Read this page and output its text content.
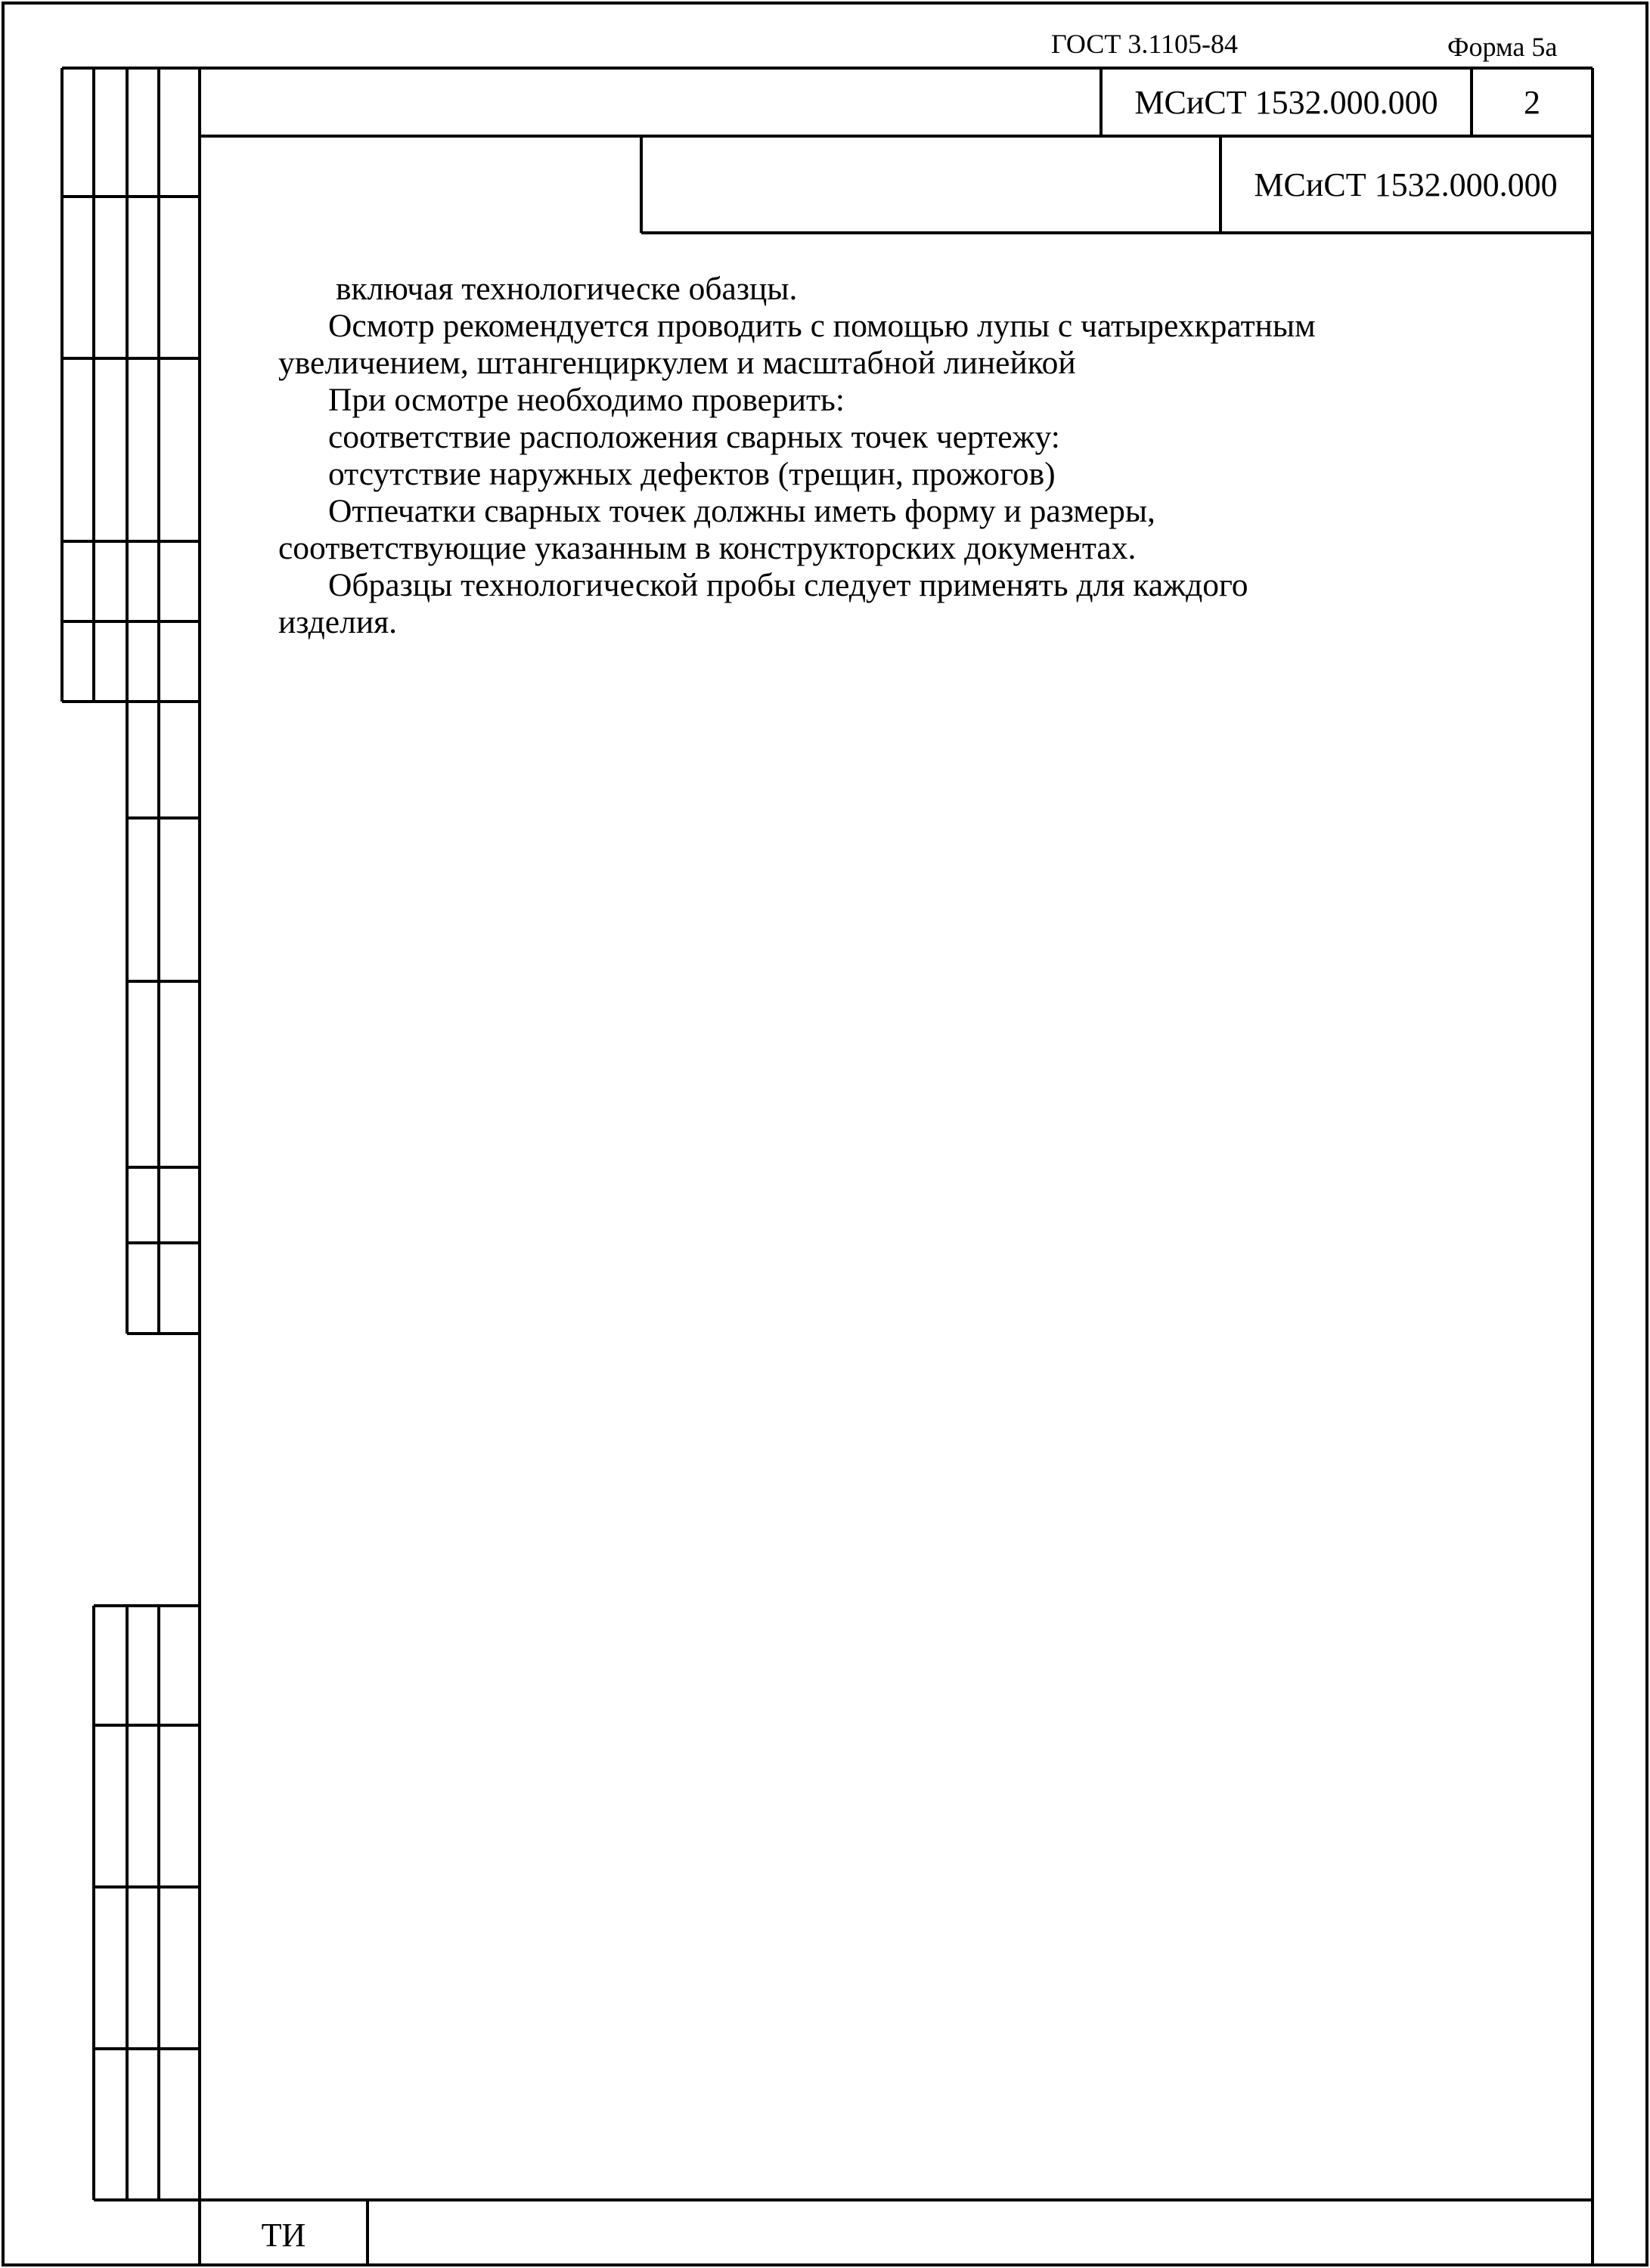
ГОСТ 3.1105-84	Форма 5а
МСиСТ 1532.000.000	2
МСиСТ 1532.000.000
включая технологическе обазцы.
Осмотр рекомендуется проводить с помощью лупы с чатырехкратным
увеличением, штангенциркулем и масштабной линейкой
При осмотре необходимо проверить:
соответствие расположения сварных точек чертежу:
отсутствие наружных дефектов (трещин, прожогов)
Отпечатки сварных точек должны иметь форму и размеры,
соответствующие указанным в конструкторских документах.
Образцы технологической пробы следует применять для каждого
изделия.
ТИ
